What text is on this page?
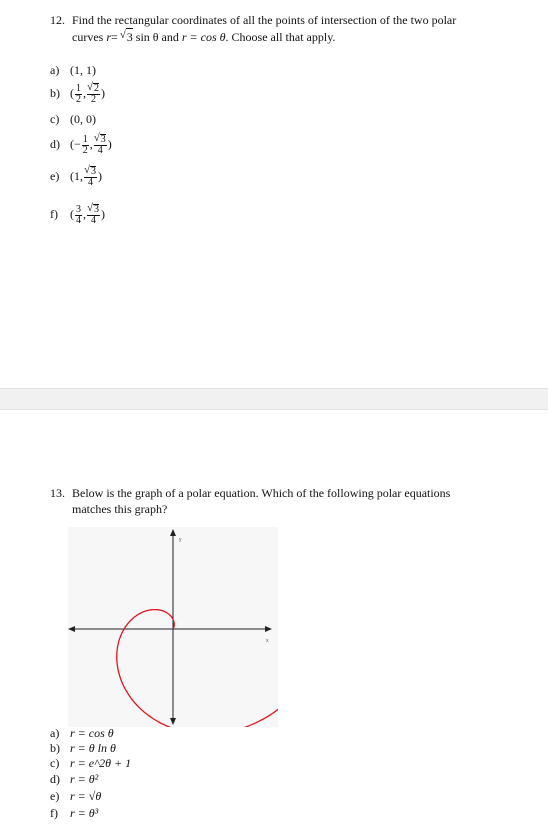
12. Find the rectangular coordinates of all the points of intersection of the two polar
curves r= √ 3 sin θ and r = cos θ. Choose all that apply.
a) (1, 1)
b) ( $\frac{1}{2}$ , √ $\frac{2}{2}$ )
c) (0, 0)
d) (− $\frac{1}{2}$ , √ $\frac{3}{4}$ )
e) (1, √ $\frac{3}{4}$ )
f) ( $\frac{3}{4}$ , √ $\frac{3}{4}$ )
13. Below is the graph of a polar equation. Which of the following polar equations
matches this graph?
x
y
a) r = cos θ
b) r = θ ln θ
c) r = e^2θ + 1
d) r = θ²
e) r = √θ
f) r = θ³
